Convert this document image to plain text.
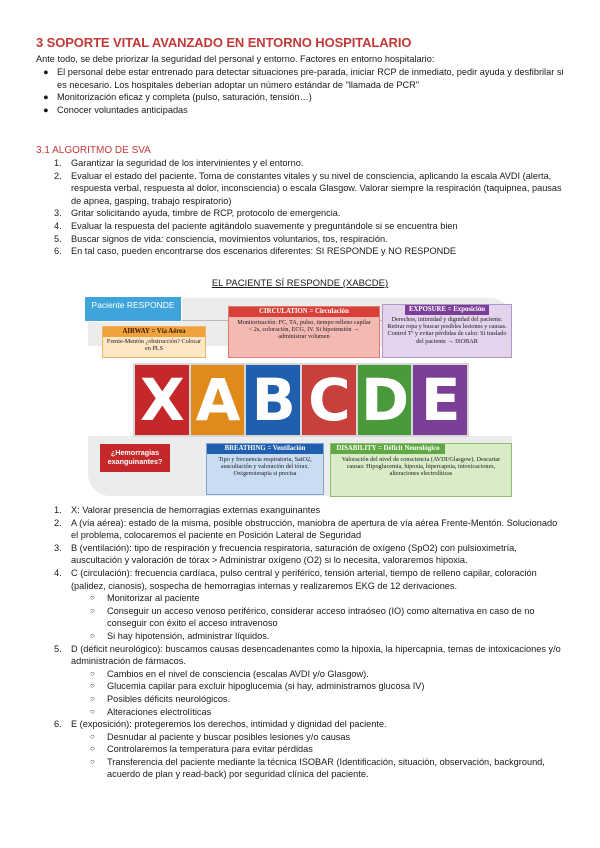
3 SOPORTE VITAL AVANZADO EN ENTORNO HOSPITALARIO

Ante todo, se debe priorizar la seguridad del personal y entorno. Factores en entorno hospitalario:

● El personal debe estar entrenado para detectar situaciones pre-parada, iniciar RCP de inmediato, pedir ayuda y desfibrilar si es necesario. Los hospitales deberían adoptar un número estándar de "llamada de PCR"
● Monitorización eficaz y completa (pulso, saturación, tensión…)
● Conocer voluntades anticipadas
3.1 ALGORITMO DE SVA
1. Garantizar la seguridad de los intervinientes y el entorno.
2. Evaluar el estado del paciente. Toma de constantes vitales y su nivel de consciencia, aplicando la escala AVDI (alerta, respuesta verbal, respuesta al dolor, inconsciencia) o escala Glasgow. Valorar siempre la respiración (taquipnea, pausas de apnea, gasping, trabajo respiratorio)
3. Gritar solicitando ayuda, timbre de RCP, protocolo de emergencia.
4. Evaluar la respuesta del paciente agitándolo suavemente y preguntándole si se encuentra bien
5. Buscar signos de vida: consciencia, movimientos voluntarios, tos, respiración.
6. En tal caso, pueden encontrarse dos escenarios diferentes: SI RESPONDE y NO RESPONDE
EL PACIENTE SÍ RESPONDE (XABCDE)
Paciente RESPONDE
AIRWAY = Vía Aérea
Frente-Mentón ¿obstrucción? Colocar en PLS
CIRCULATION = Circulación
Monitorización: FC, TA, pulso, tiempo relleno capilar < 2s, coloración, ECG, IV. Si hipotensión → administrar volumen
EXPOSURE = Exposición
Derechos, intimidad y dignidad del paciente. Retirar ropa y buscar posibles lesiones y causas. Control Tª y evitar pérdidas de calor. Si traslado del paciente → ISOBAR
X A B C D E
¿Hemorragias exanguinantes?
BREATHING = Ventilación
Tipo y frecuencia respiratoria, SatO2, auscultación y valoración del tórax. Oxigenoterapia si precisa
DISABILITY = Déficit Neurológico
Valoración del nivel de consciencia (AVDI/Glasgow). Descartar causas: Hipoglucemia, hipoxia, hipercapnia, intoxicaciones, alteraciones electrolíticas
1. X: Valorar presencia de hemorragias externas exanguinantes
2. A (vía aérea): estado de la misma, posible obstrucción, maniobra de apertura de vía aérea Frente-Mentón. Solucionado el problema, colocaremos el paciente en Posición Lateral de Seguridad
3. B (ventilación): tipo de respiración y frecuencia respiratoria, saturación de oxígeno (SpO2) con pulsioximetría, auscultación y valoración de tórax > Administrar oxígeno (O2) si lo necesita, valoraremos hipoxia.
4. C (circulación): frecuencia cardíaca, pulso central y periférico, tensión arterial, tiempo de relleno capilar, coloración (palidez, cianosis), sospecha de hemorragias internas y realizaremos EKG de 12 derivaciones.
○ Monitorizar al paciente
○ Conseguir un acceso venoso periférico, considerar acceso intraóseo (IO) como alternativa en caso de no conseguir con éxito el acceso intravenoso
○ Si hay hipotensión, administrar líquidos.
5. D (déficit neurológico): buscamos causas desencadenantes como la hipoxia, la hipercapnia, temas de intoxicaciones y/o administración de fármacos.
○ Cambios en el nivel de consciencia (escalas AVDI y/o Glasgow).
○ Glucemia capilar para excluir hipoglucemia (si hay, administramos glucosa IV)
○ Posibles déficits neurológicos.
○ Alteraciones electrolíticas
6. E (exposición): protegeremos los derechos, intimidad y dignidad del paciente.
○ Desnudar al paciente y buscar posibles lesiones y/o causas
○ Controlaremos la temperatura para evitar pérdidas
○ Transferencia del paciente mediante la técnica ISOBAR (Identificación, situación, observación, background, acuerdo de plan y read-back) por seguridad clínica del paciente.
